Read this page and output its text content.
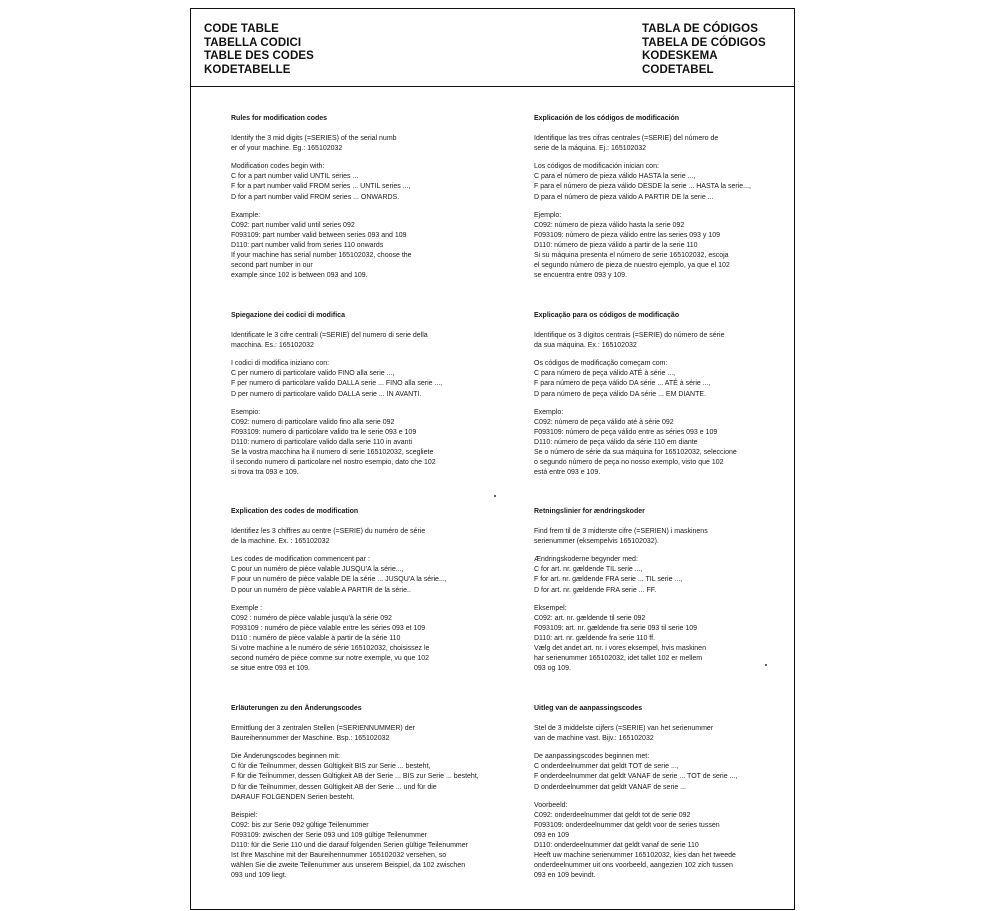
CODE TABLE
TABELLA CODICI
TABLE DES CODES
KODETABELLE
TABLA DE CÓDIGOS
TABELA DE CÓDIGOS
KODESKEMA
CODETABEL
Rules for modification codes
Identify the 3 mid digits (=SERIES) of the serial numb
er of your machine. Eg.: 165102032
Modification codes begin with:
C for a part number valid UNTIL series ...
F for a part number valid FROM series ... UNTIL series ...,
D for a part number valid FROM series ... ONWARDS.
Example:
C092: part number valid until series 092
F093109: part number valid between series 093 and 109
D110: part number valid from series 110 onwards
If your machine has serial number 165102032, choose the
second part number in our
example since 102 is between 093 and 109.
Explicación de los códigos de modificación
Identifique las tres cifras centrales (=SERIE) del número de
serie de la máquina. Ej.: 165102032
Los códigos de modificación inician con:
C para el número de pieza válido HASTA la serie ...,
F para el número de pieza válido DESDE la serie ... HASTA la serie...,
D para el número de pieza válido A PARTIR DE la serie ...
Ejemplo:
C092: número de pieza válido hasta la serie 092
F093109: número de pieza válido entre las series 093 y 109
D110: número de pieza válido a partir de la serie 110
Si su máquina presenta el número de serie 165102032, escoja
el segundo número de pieza de nuestro ejemplo, ya que el 102
se encuentra entre 093 y 109.
Spiegazione dei codici di modifica
Identificate le 3 cifre centrali (=SERIE) del numero di serie della
macchina. Es.: 165102032
I codici di modifica iniziano con:
C per numero di particolare valido FINO alla serie ...,
F per numero di particolare valido DALLA serie ... FINO alla serie ...,
D per numero di particolare valido DALLA serie ... IN AVANTI.
Esempio:
C092: numero di particolare valido fino alla serie 092
F093109: numero di particolare valido tra le serie 093 e 109
D110: numero di particolare valido dalla serie 110 in avanti
Se la vostra macchina ha il numero di serie 165102032, scegliete
il secondo numero di particolare nel nostro esempio, dato che 102
si trova tra 093 e 109.
Explicação para os códigos de modificação
Identifique os 3 dígitos centrais (=SERIE) do número de série
da sua máquina. Ex.: 165102032
Os códigos de modificação começam com:
C para número de peça válido ATÉ à série ...,
F para número de peça válido DA série ... ATÉ à série ...,
D para número de peça válido DA série ... EM DIANTE.
Exemplo:
C092: número de peça válido até à série 092
F093109: número de peça válido entre as séries 093 e 109
D110: número de peça válido da série 110 em diante
Se o número de série da sua máquina for 165102032, seleccione
o segundo número de peça no nosso exemplo, visto que 102
está entre 093 e 109.
Explication des codes de modification
Identifiez les 3 chiffres au centre (=SERIE) du numéro de série
de la machine. Ex. : 165102032
Les codes de modification commencent par :
C pour un numéro de pièce valable JUSQU'A la série...,
F pour un numéro de pièce valable DE la série ... JUSQU'A la série...,
D pour un numéro de pièce valable A PARTIR de la série..
Exemple :
C092 : numéro de pièce valable jusqu'à la série 092
F093109 : numéro de pièce valable entre les séries 093 et 109
D110 : numéro de pièce valable à partir de la série 110
Si votre machine a le numéro de série 165102032, choisissez le
second numéro de pièce comme sur notre exemple, vu que 102
se situe entre 093 et 109.
Retningslinier for ændringskoder
Find frem til de 3 midterste cifre (=SERIEN) i maskinens
serienummer (eksempelvis 165102032).
Ændringskoderne begynder med:
C for art. nr. gældende TIL serie ...,
F for art. nr. gældende FRA serie ... TIL serie ...,
D for art. nr. gældende FRA serie ... FF.
Eksempel:
C092: art. nr. gældende til serie 092
F093109: art. nr. gældende fra serie 093 til serie 109
D110: art. nr. gældende fra serie 110 ff.
Vælg det andet art. nr. i vores eksempel, hvis maskinen
har serienummer 165102032, idet tallet 102 er mellem
093 og 109.
Erläuterungen zu den Änderungscodes
Ermittlung der 3 zentralen Stellen (=SERIENNUMMER) der
Baureihennummer der Maschine. Bsp.: 165102032
Die Änderungscodes beginnen mit:
C für die Teilnummer, dessen Gültigkeit BIS zur Serie ... besteht,
F für die Teilnummer, dessen Gültigkeit AB der Serie ... BIS zur Serie ... besteht,
D für die Teilnummer, dessen Gültigkeit AB der Serie ... und für die
DARAUF FOLGENDEN Serien besteht.
Beispiel:
C092: bis zur Serie 092 gültige Teilenummer
F093109: zwischen der Serie 093 und 109 gültige Teilenummer
D110: für die Serie 110 und die darauf folgenden Serien gültige Teilenummer
Ist Ihre Maschine mit der Baureihennummer 165102032 versehen, so
wählen Sie die zweite Teilenummer aus unserem Beispiel, da 102 zwischen
093 und 109 liegt.
Uitleg van de aanpassingscodes
Stel de 3 middelste cijfers (=SERIE) van het serienummer
van de machine vast. Bijv.: 165102032
De aanpassingscodes beginnen met:
C onderdeelnummer dat geldt TOT de serie ...,
F onderdeelnummer dat geldt VANAF de serie ... TOT de serie ...,
D onderdeelnummer dat geldt VANAF de serie ...
Voorbeeld:
C092: onderdeelnummer dat geldt tot de serie 092
F093109: onderdeelnummer dat geldt voor de series tussen
093 en 109
D110: onderdeelnummer dat geldt vanaf de serie 110
Heeft uw machine serienummer 165102032, kies dan het tweede
onderdeelnummer uit ons voorbeeld, aangezien 102 zich tussen
093 en 109 bevindt.
